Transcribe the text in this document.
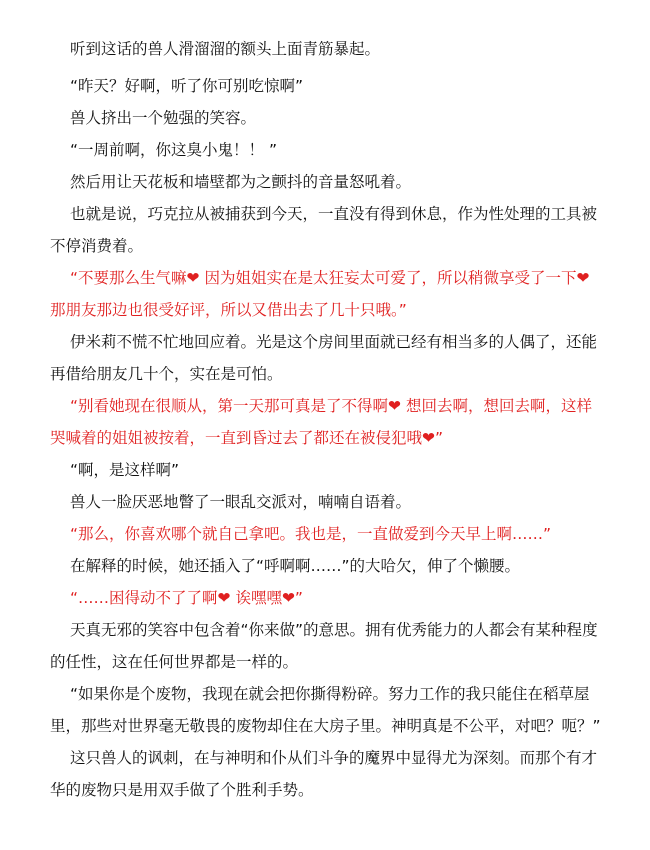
听到这话的兽人滑溜溜的额头上面青筋暴起。

“昨天？好啊，听了你可别吃惊啊”

兽人挤出一个勉强的笑容。

“一周前啊，你这臭小鬼！！ ”

然后用让天花板和墙壁都为之颤抖的音量怒吼着。

也就是说，巧克拉从被捕获到今天，一直没有得到休息，作为性处理的工具被不停消费着。

“不要那么生气嘛❤ 因为姐姐实在是太狂妄太可爱了，所以稍微享受了一下❤ 那朋友那边也很受好评，所以又借出去了几十只哦。”

伊米莉不慌不忙地回应着。光是这个房间里面就已经有相当多的人偶了，还能再借给朋友几十个，实在是可怕。

“别看她现在很顺从，第一天那可真是了不得啊❤ 想回去啊，想回去啊，这样哭喊着的姐姐被按着，一直到昏过去了都还在被侵犯哦❤”

“啊，是这样啊”

兽人一脸厌恶地瞥了一眼乱交派对，喃喃自语着。

“那么，你喜欢哪个就自己拿吧。我也是，一直做爱到今天早上啊……”

在解释的时候，她还插入了“呼啊啊……”的大哈欠，伸了个懒腰。

“……困得动不了了啊❤ 诶嘿嘿❤”

天真无邪的笑容中包含着“你来做”的意思。拥有优秀能力的人都会有某种程度的任性，这在任何世界都是一样的。

“如果你是个废物，我现在就会把你撕得粉碎。努力工作的我只能住在稻草屋里，那些对世界毫无敬畏的废物却住在大房子里。神明真是不公平，对吧？呃？”

这只兽人的讽刺，在与神明和仆从们斗争的魔界中显得尤为深刻。而那个有才华的废物只是用双手做了个胜利手势。
